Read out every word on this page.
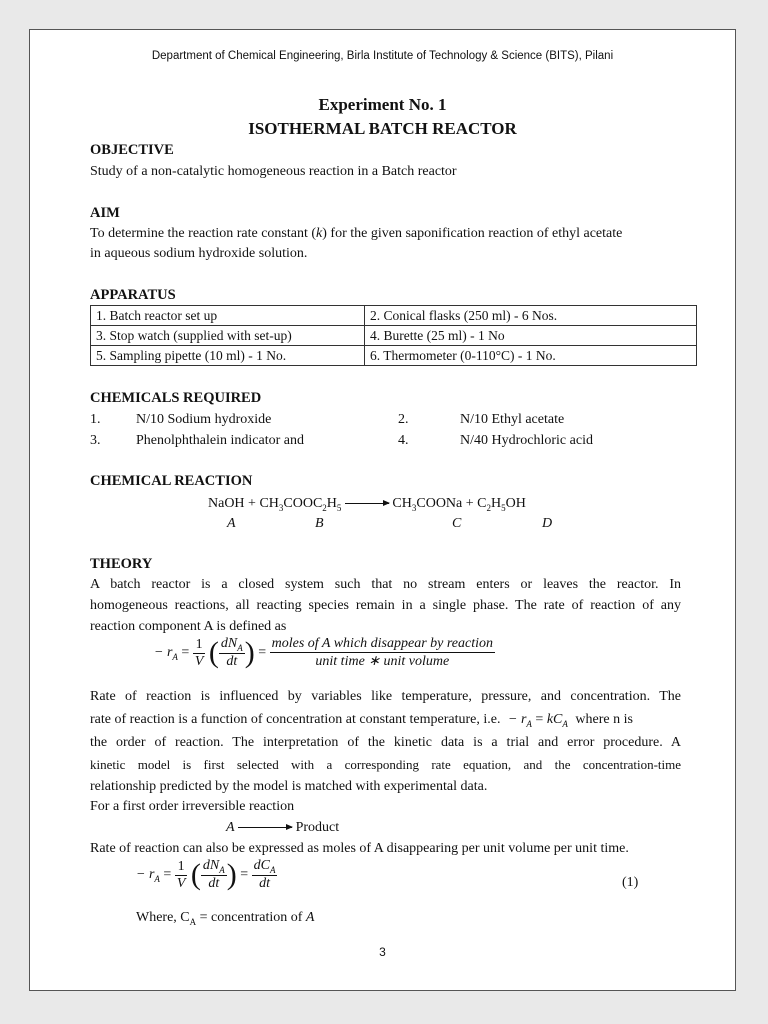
Department of Chemical Engineering, Birla Institute of Technology & Science (BITS), Pilani
Experiment No. 1
ISOTHERMAL BATCH REACTOR
OBJECTIVE
Study of a non-catalytic homogeneous reaction in a Batch reactor
AIM
To determine the reaction rate constant (k) for the given saponification reaction of ethyl acetate
in aqueous sodium hydroxide solution.
APPARATUS
1. Batch reactor set up	2. Conical flasks (250 ml) - 6 Nos.
3. Stop watch (supplied with set-up)	4. Burette (25 ml) - 1 No
5. Sampling pipette (10 ml) - 1 No.	6. Thermometer (0-110°C) - 1 No.
CHEMICALS REQUIRED
1.	N/10 Sodium hydroxide	2.	N/10 Ethyl acetate
3.	Phenolphthalein indicator and	4.	N/40 Hydrochloric acid
CHEMICAL REACTION
NaOH + $CH_3COOC_2H_5$	$CH_3COONa + C_2H_5OH$
A	B	C	D
THEORY
A batch reactor is a closed system such that no stream enters or leaves the reactor. In
homogeneous reactions, all reacting species remain in a single phase. The rate of reaction of any
reaction component A is defined as
− $r_A = \frac{1}{V}$ ( $\frac{dN_A}{dt}$ ) = $\frac{\text{moles of A which disappear by reaction}}{\text{unit time ∗ unit volume}}$
Rate of reaction is influenced by variables like temperature, pressure, and concentration. The
rate of reaction is a function of concentration at constant temperature, i.e. − $r_A = kC_A$ where n is
the order of reaction. The interpretation of the kinetic data is a trial and error procedure. A
kinetic model is first selected with a corresponding rate equation, and the concentration-time
relationship predicted by the model is matched with experimental data.
For a first order irreversible reaction
A	Product
Rate of reaction can also be expressed as moles of A disappearing per unit volume per unit time.
− $r_A = \frac{1}{V}$ ( $\frac{dN_A}{dt}$ ) = $\frac{dC_A}{dt}$	(1)
Where, $C_A$ = concentration of A
3
